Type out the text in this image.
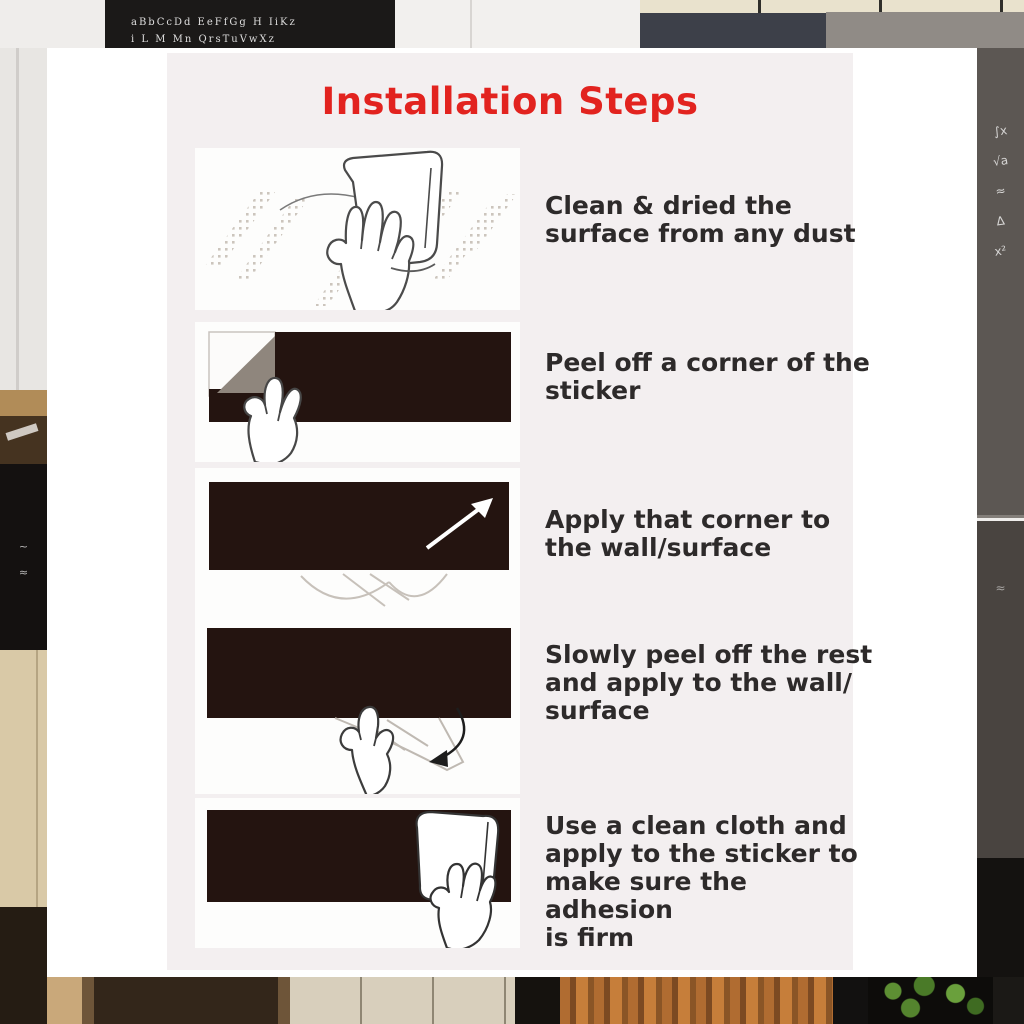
aBbCcDd EeFfGg H IiKz
i L M Mn QrsTuVwXz
∫x
√a
≈
∆
x²
≈
~
≈
Installation Steps
Clean & dried the
surface from any dust
Peel off a corner of the
sticker
Apply that corner to
the wall/surface
Slowly peel off the rest
and apply to the wall/
surface
Use a clean cloth and
apply to the sticker to
make sure the adhesion
is firm
